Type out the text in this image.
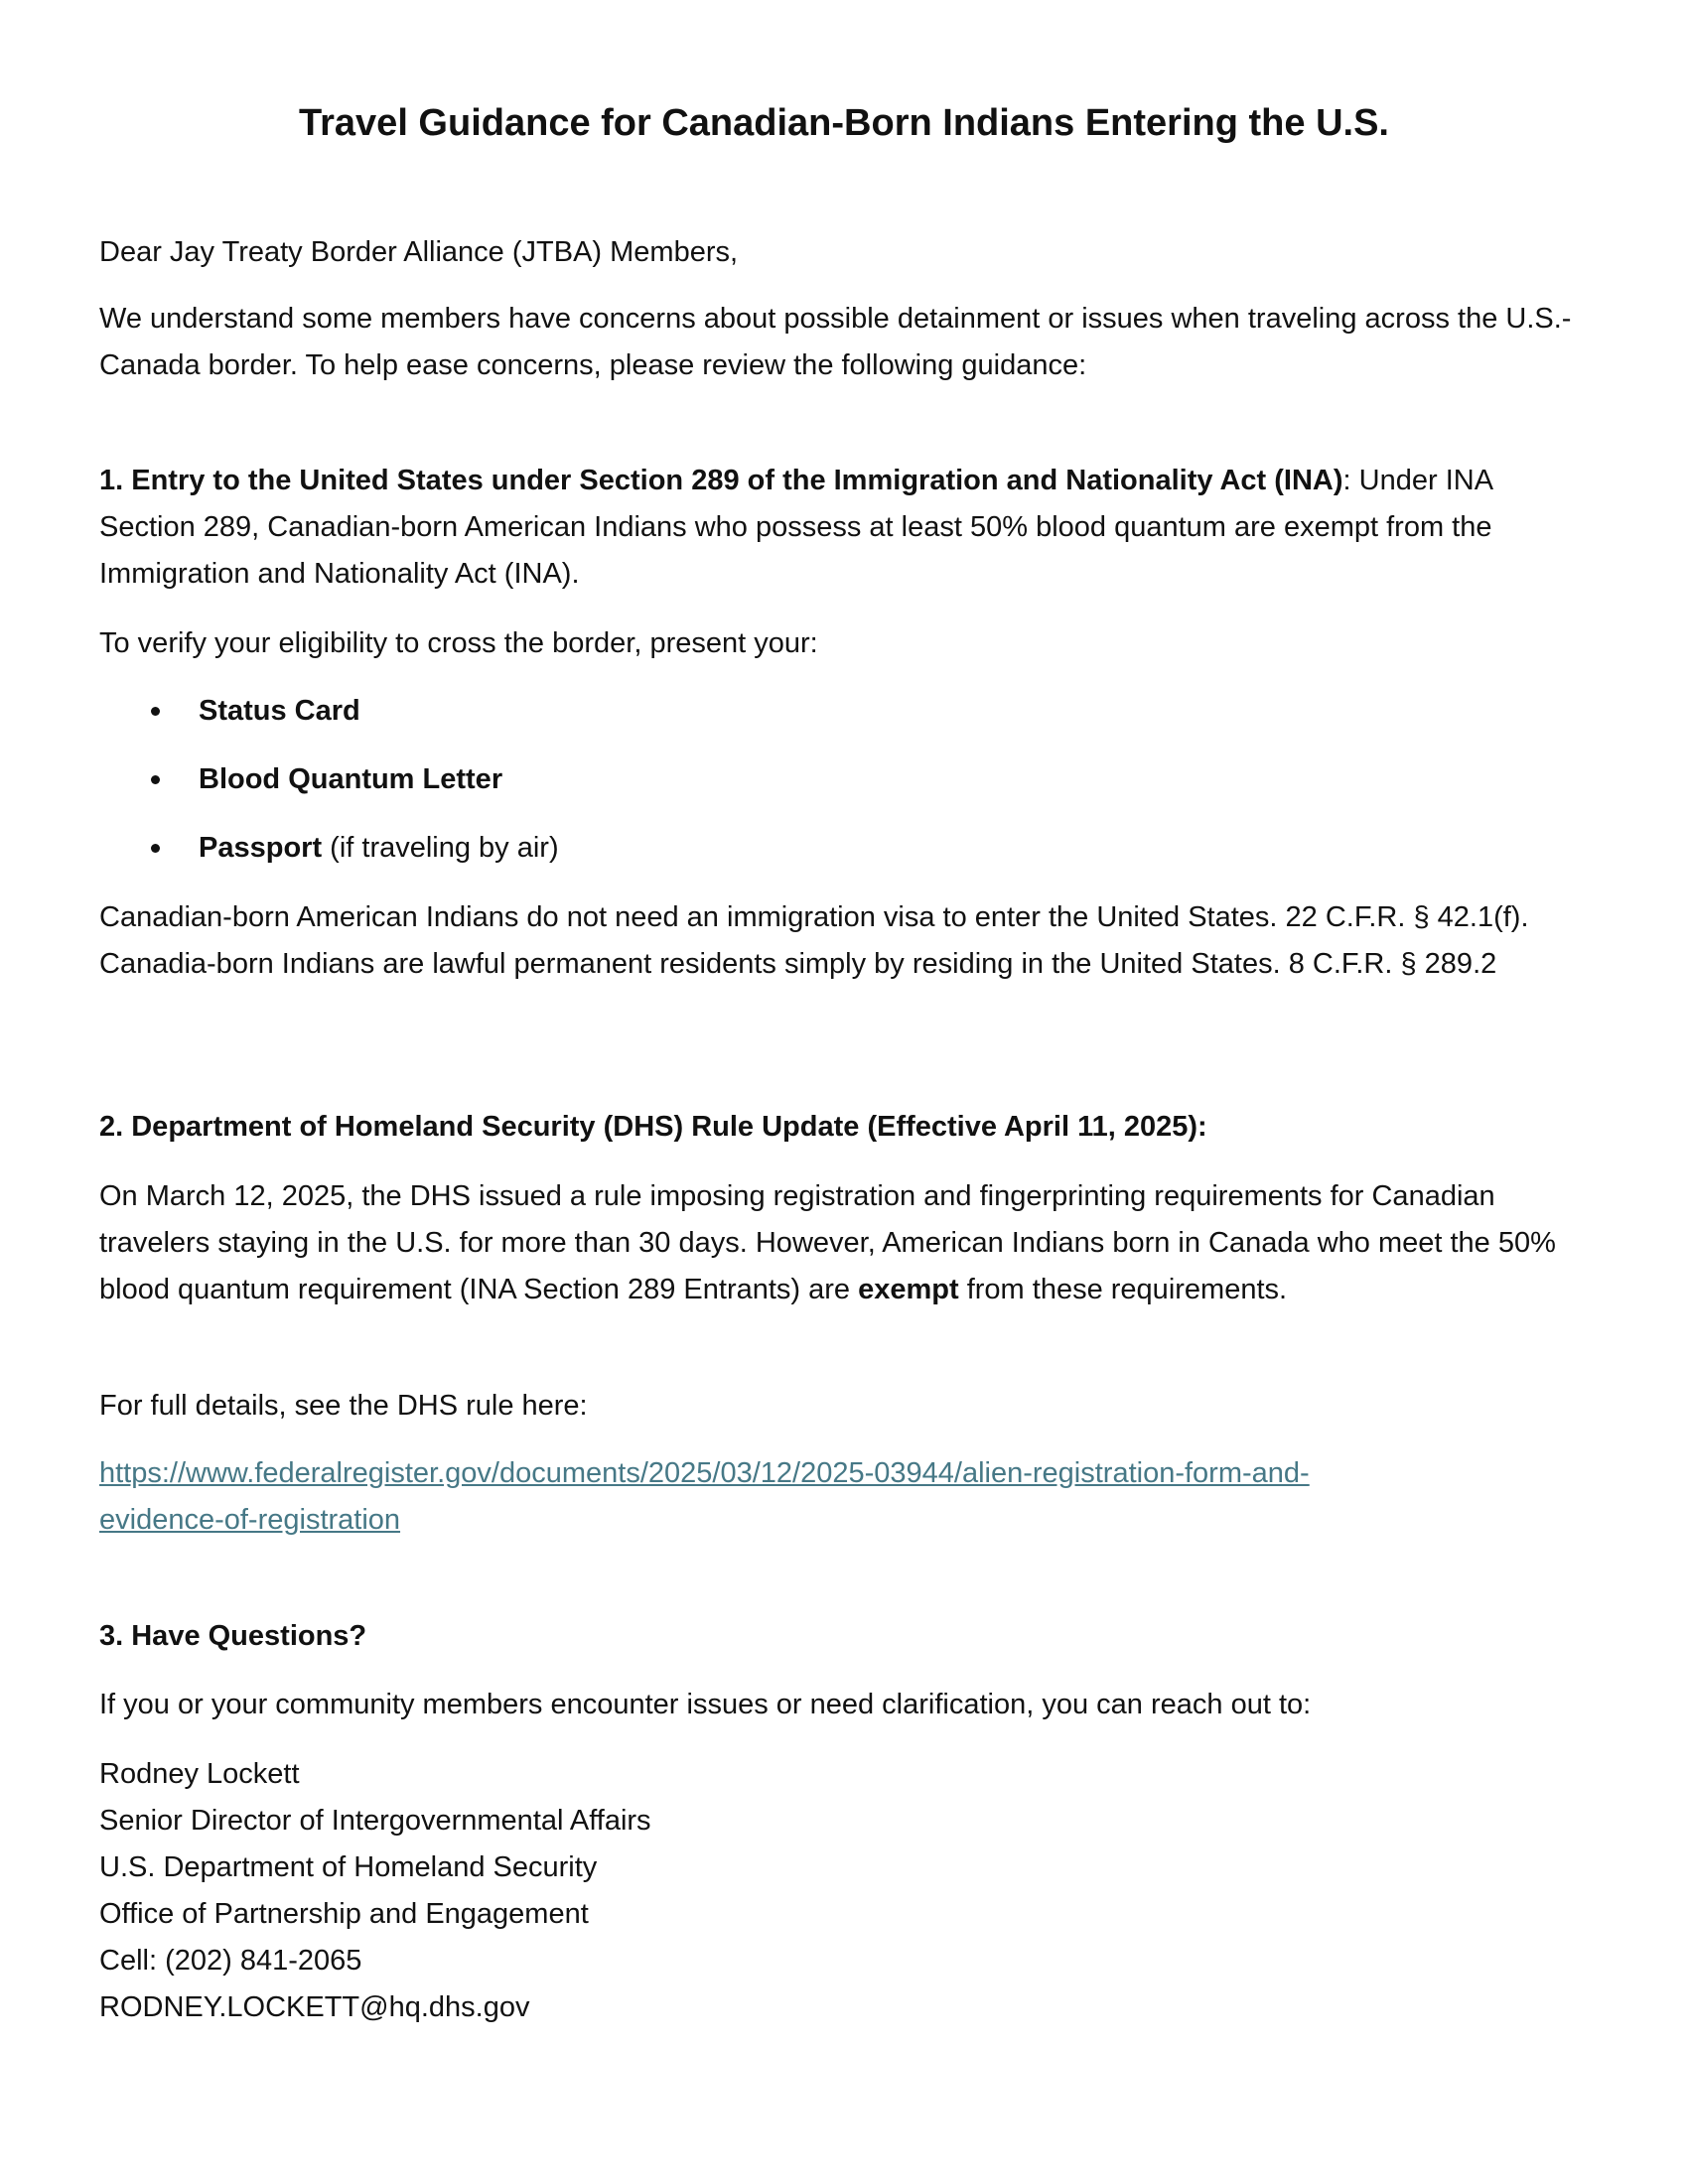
Travel Guidance for Canadian-Born Indians Entering the U.S.

Dear Jay Treaty Border Alliance (JTBA) Members,

We understand some members have concerns about possible detainment or issues when traveling across the U.S.-Canada border. To help ease concerns, please review the following guidance:

1. Entry to the United States under Section 289 of the Immigration and Nationality Act (INA): Under INA Section 289, Canadian-born American Indians who possess at least 50% blood quantum are exempt from the Immigration and Nationality Act (INA).

To verify your eligibility to cross the border, present your:

Status Card
Blood Quantum Letter
Passport (if traveling by air)

Canadian-born American Indians do not need an immigration visa to enter the United States. 22 C.F.R. § 42.1(f). Canadia-born Indians are lawful permanent residents simply by residing in the United States. 8 C.F.R. § 289.2

2. Department of Homeland Security (DHS) Rule Update (Effective April 11, 2025):

On March 12, 2025, the DHS issued a rule imposing registration and fingerprinting requirements for Canadian travelers staying in the U.S. for more than 30 days. However, American Indians born in Canada who meet the 50% blood quantum requirement (INA Section 289 Entrants) are exempt from these requirements.

For full details, see the DHS rule here:

https://www.federalregister.gov/documents/2025/03/12/2025-03944/alien-registration-form-and-
evidence-of-registration

3. Have Questions?

If you or your community members encounter issues or need clarification, you can reach out to:

Rodney Lockett
Senior Director of Intergovernmental Affairs
U.S. Department of Homeland Security
Office of Partnership and Engagement
Cell: (202) 841-2065
RODNEY.LOCKETT@hq.dhs.gov
